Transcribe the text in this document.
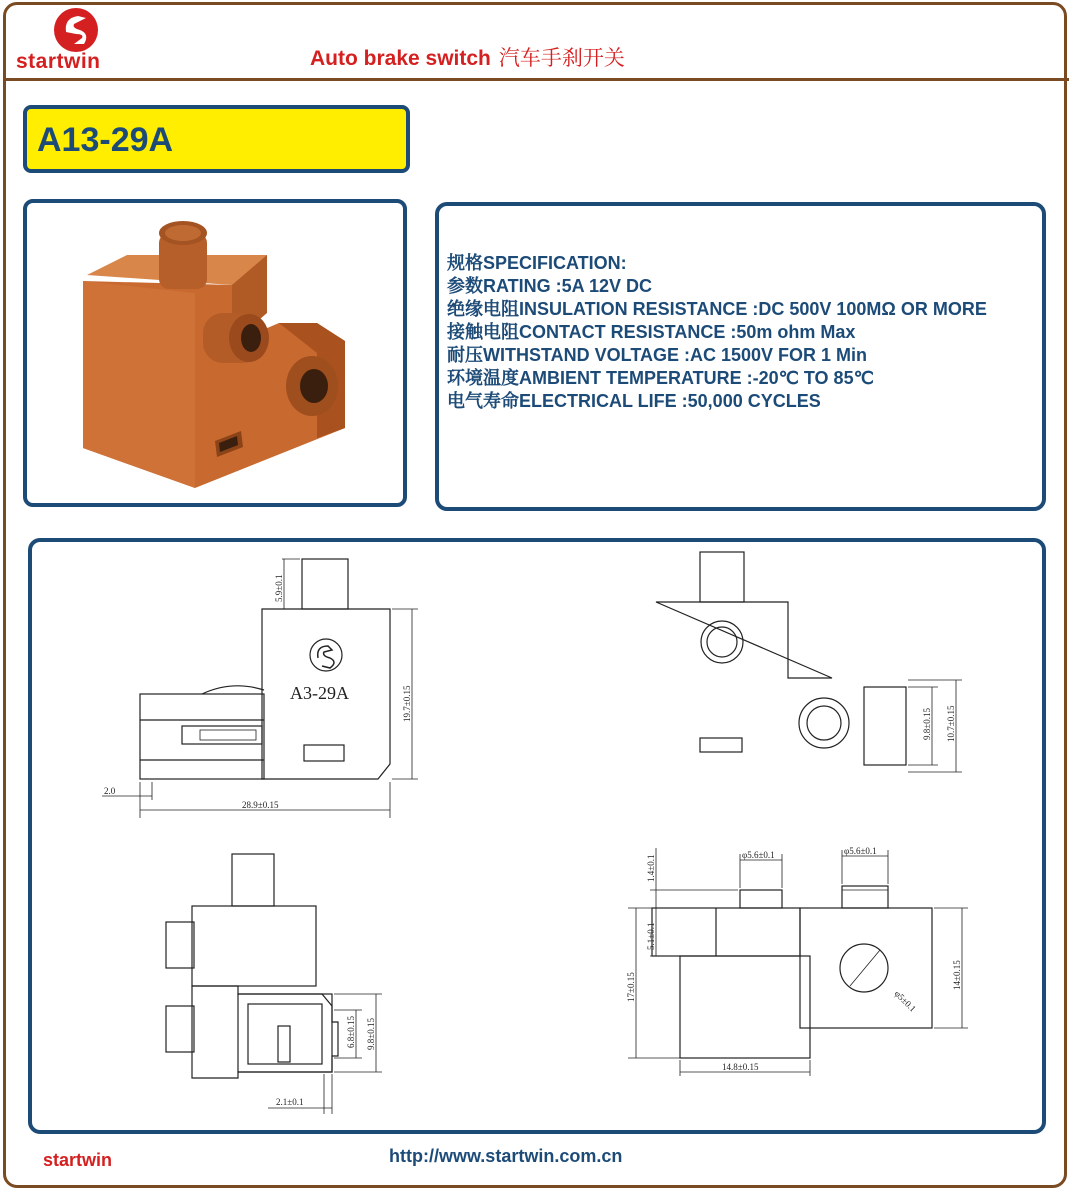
startwin	Auto brake switch 汽车手刹开关
A13-29A
规格SPECIFICATION:
参数RATING :5A 12V DC
绝缘电阻INSULATION RESISTANCE :DC 500V 100MΩ OR MORE
接触电阻CONTACT RESISTANCE :50m ohm Max
耐压WITHSTAND VOLTAGE :AC 1500V FOR 1 Min
环境温度AMBIENT TEMPERATURE :-20℃ TO 85℃
电气寿命ELECTRICAL LIFE :50,000 CYCLES
A3-29A
5.9±0.1
19.7±0.15
28.9±0.15
2.0
9.8±0.15 10.7±0.15
9.8±0.15
6.8±0.15
2.1±0.1
φ5±0.1
φ5.6±0.1	φ5.6±0.1
1.4±0.1
5.1±0.1
17±0.15
14.8±0.15
14±0.15
startwin	http://www.startwin.com.cn
